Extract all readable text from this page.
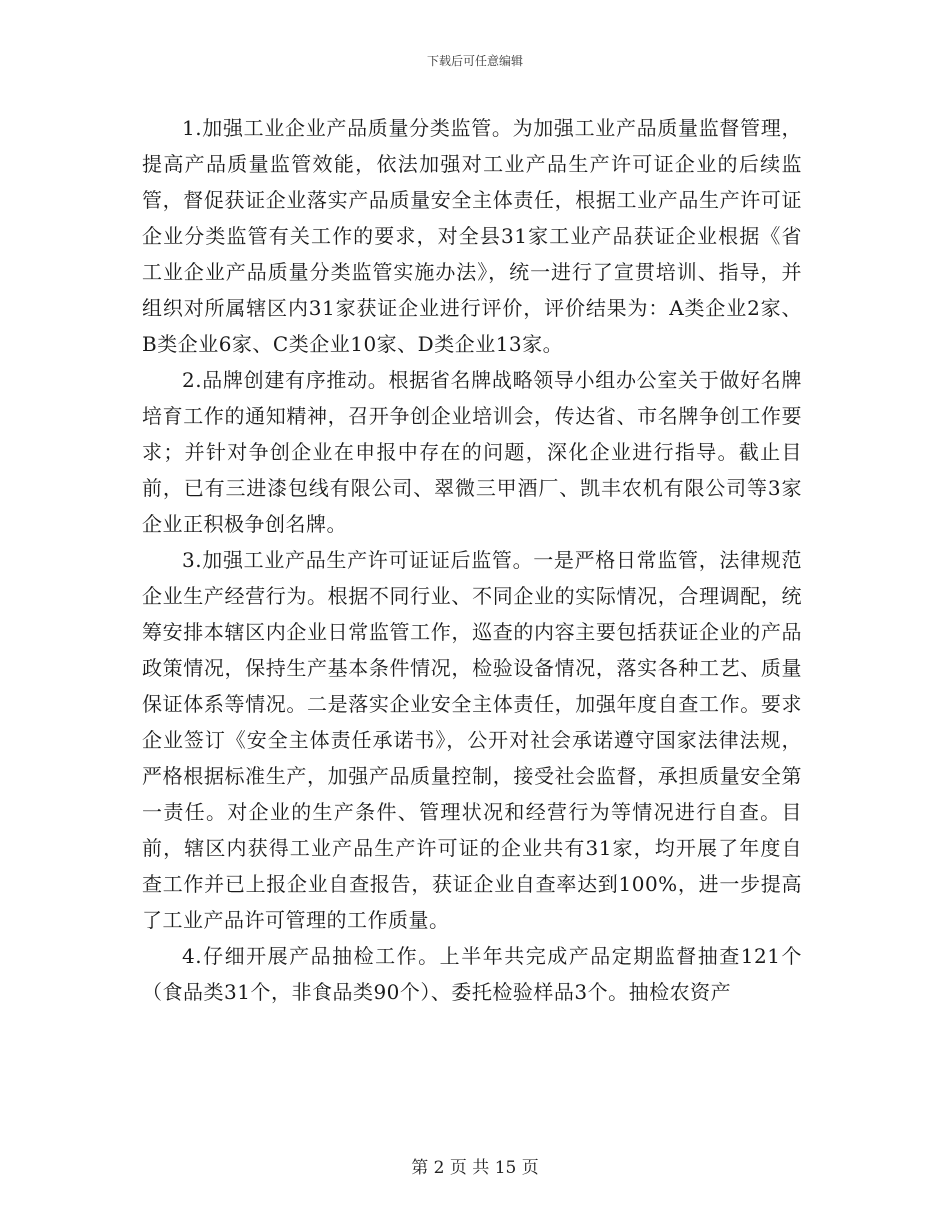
下载后可任意编辑

1.加强工业企业产品质量分类监管。为加强工业产品质量监督管理，提高产品质量监管效能，依法加强对工业产品生产许可证企业的后续监管，督促获证企业落实产品质量安全主体责任，根据工业产品生产许可证企业分类监管有关工作的要求，对全县31家工业产品获证企业根据《省工业企业产品质量分类监管实施办法》，统一进行了宣贯培训、指导，并组织对所属辖区内31家获证企业进行评价，评价结果为：A类企业2家、B类企业6家、C类企业10家、D类企业13家。

2.品牌创建有序推动。根据省名牌战略领导小组办公室关于做好名牌培育工作的通知精神，召开争创企业培训会，传达省、市名牌争创工作要求；并针对争创企业在申报中存在的问题，深化企业进行指导。截止目前，已有三进漆包线有限公司、翠微三甲酒厂、凯丰农机有限公司等3家企业正积极争创名牌。

3.加强工业产品生产许可证证后监管。一是严格日常监管，法律规范企业生产经营行为。根据不同行业、不同企业的实际情况，合理调配，统筹安排本辖区内企业日常监管工作，巡查的内容主要包括获证企业的产品政策情况，保持生产基本条件情况，检验设备情况，落实各种工艺、质量保证体系等情况。二是落实企业安全主体责任，加强年度自查工作。要求企业签订《安全主体责任承诺书》，公开对社会承诺遵守国家法律法规，严格根据标准生产，加强产品质量控制，接受社会监督，承担质量安全第一责任。对企业的生产条件、管理状况和经营行为等情况进行自查。目前，辖区内获得工业产品生产许可证的企业共有31家，均开展了年度自查工作并已上报企业自查报告，获证企业自查率达到100%，进一步提高了工业产品许可管理的工作质量。

4.仔细开展产品抽检工作。上半年共完成产品定期监督抽查121个（食品类31个，非食品类90个）、委托检验样品3个。抽检农资产

第 2 页 共 15 页
